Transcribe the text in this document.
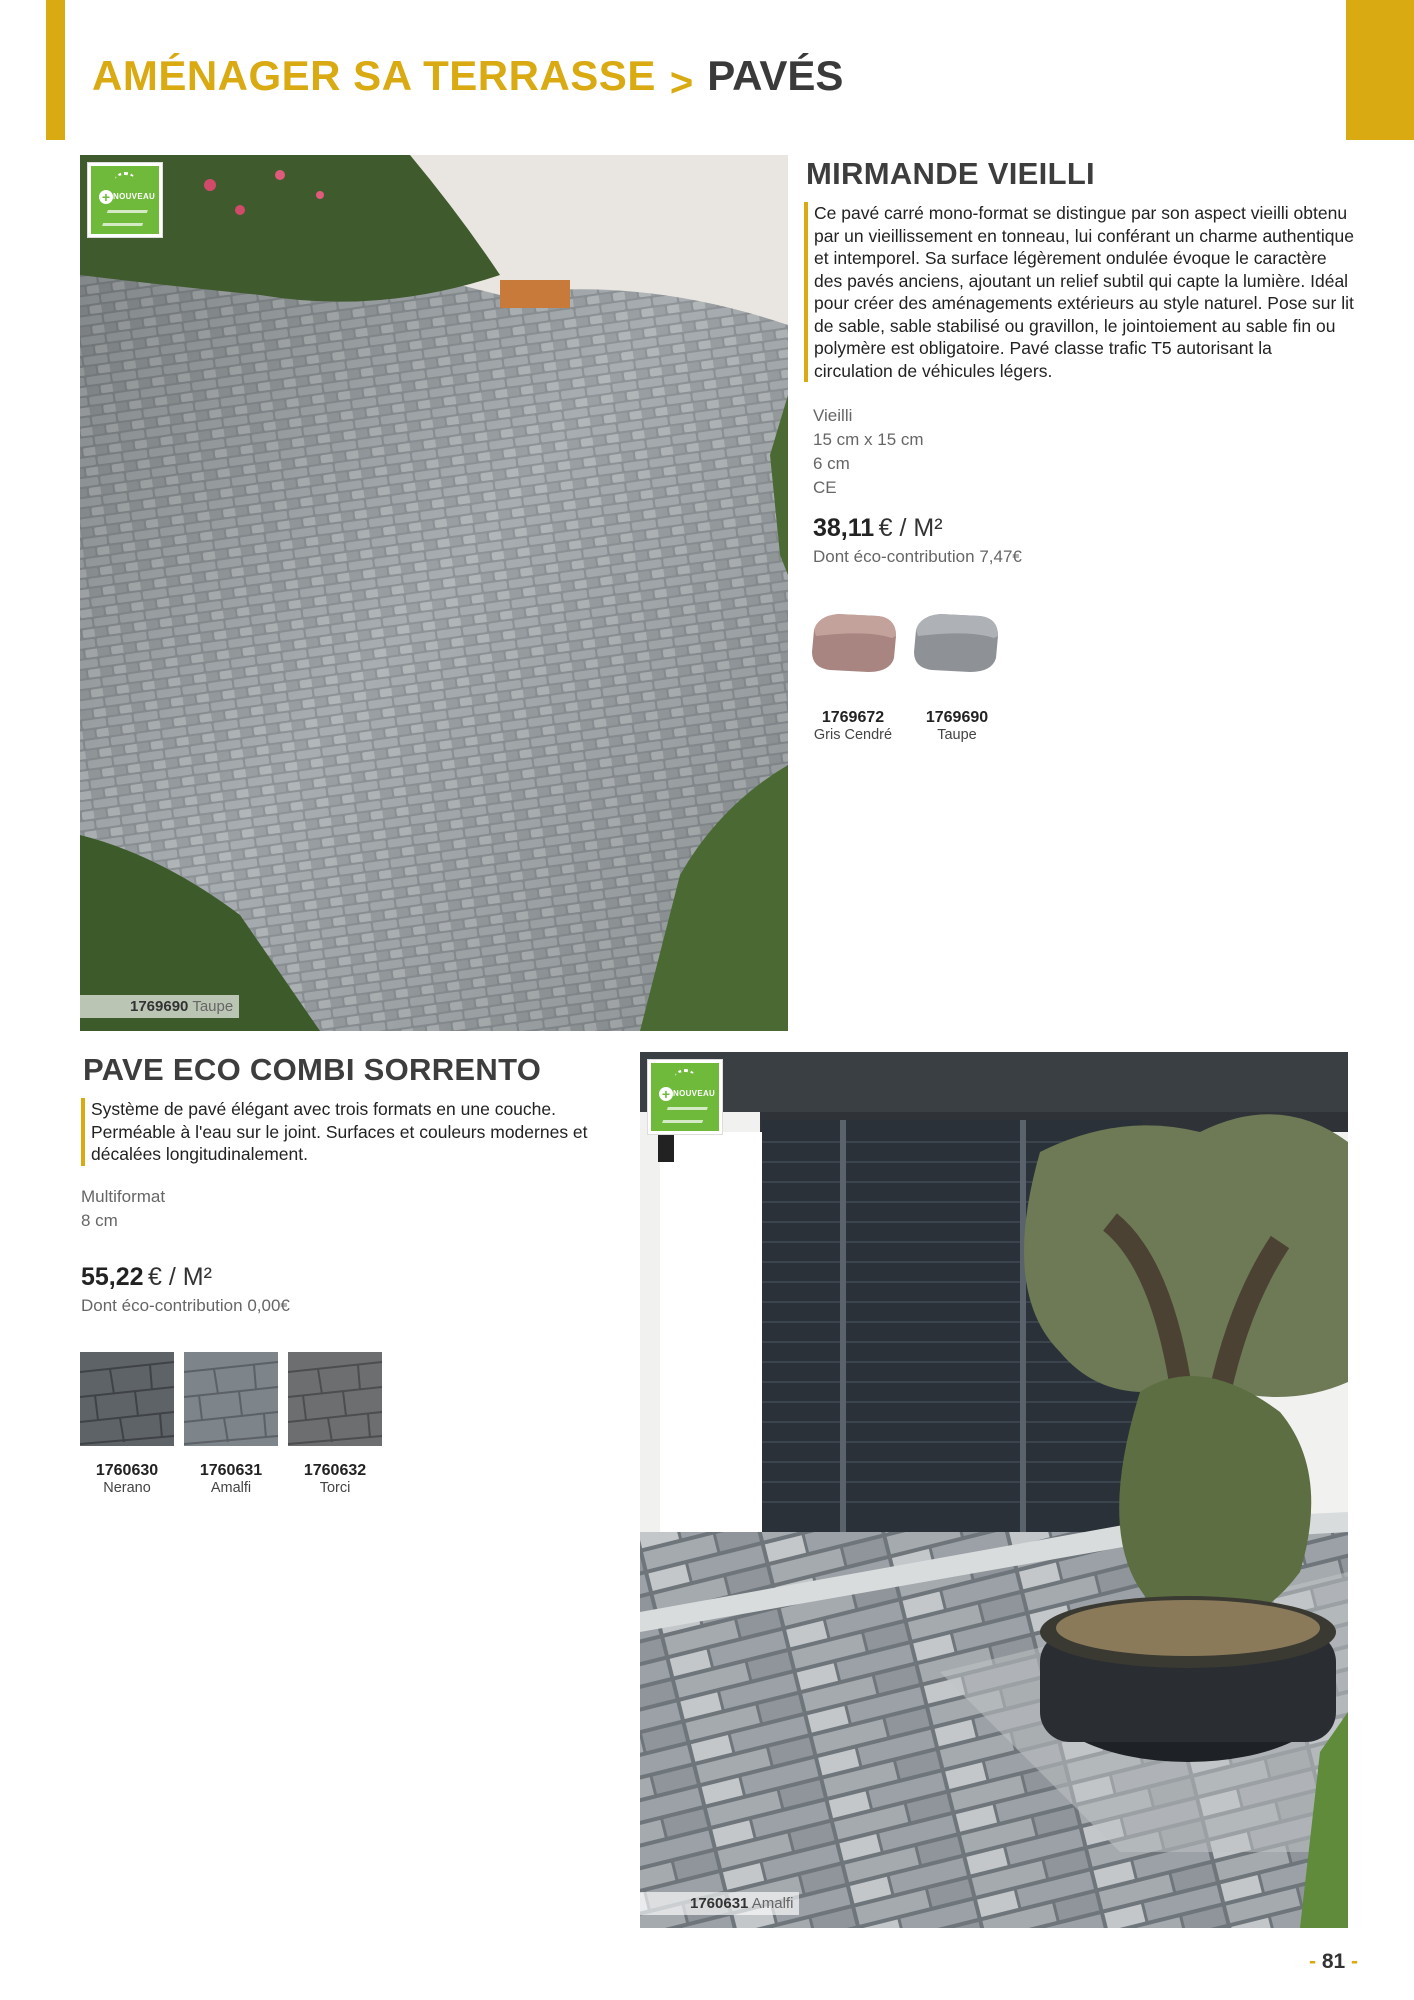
AMÉNAGER SA TERRASSE > PAVÉS
+ NOUVEAU
1769690 Taupe
MIRMANDE VIEILLI
Ce pavé carré mono-format se distingue par son aspect vieilli obtenu par un vieillissement en tonneau, lui conférant un charme authentique et intemporel. Sa surface légèrement ondulée évoque le caractère des pavés anciens, ajoutant un relief subtil qui capte la lumière. Idéal pour créer des aménagements extérieurs au style naturel. Pose sur lit de sable, sable stabilisé ou gravillon, le jointoiement au sable fin ou polymère est obligatoire. Pavé classe trafic T5 autorisant la circulation de véhicules légers.
Vieilli
15 cm x 15 cm
6 cm
CE
38,11 € / M²
Dont éco-contribution 7,47€
1769672
Gris Cendré
1769690
Taupe
PAVE ECO COMBI SORRENTO
Système de pavé élégant avec trois formats en une couche. Perméable à l'eau sur le joint. Surfaces et couleurs modernes et décalées longitudinalement.
Multiformat
8 cm
55,22 € / M²
Dont éco-contribution 0,00€
1760630
Nerano
1760631
Amalfi
1760632
Torci
+ NOUVEAU
1760631 Amalfi
- 81 -
